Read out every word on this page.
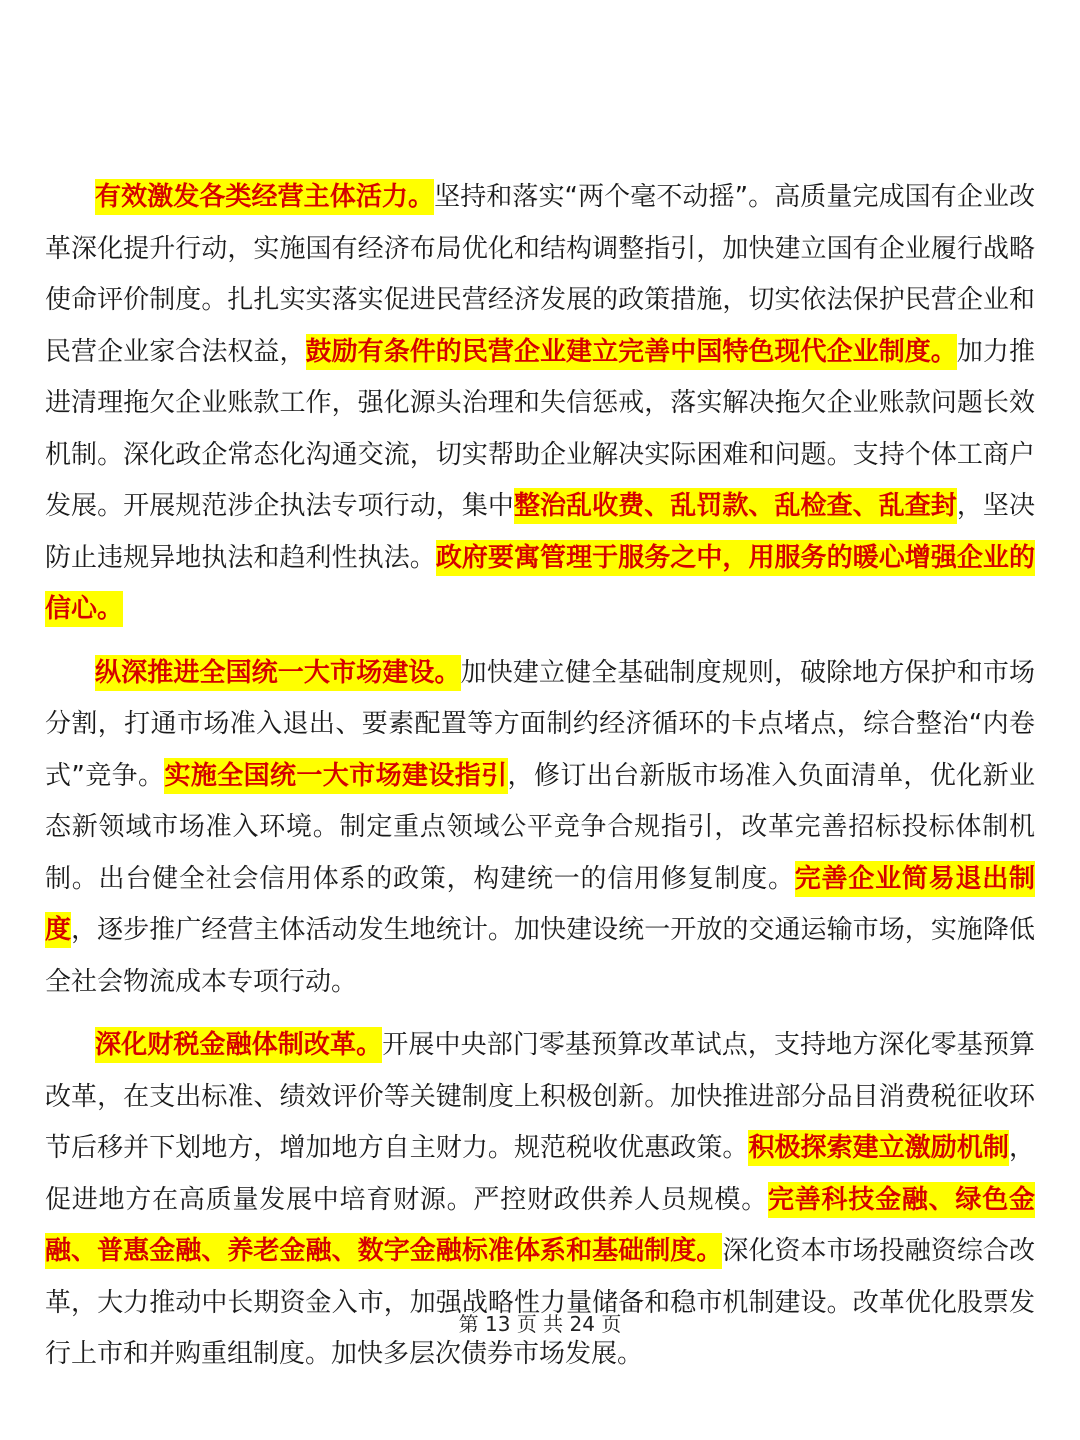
有效激发各类经营主体活力。坚持和落实“两个毫不动摇”。高质量完成国有企业改革深化提升行动，实施国有经济布局优化和结构调整指引，加快建立国有企业履行战略使命评价制度。扎扎实实落实促进民营经济发展的政策措施，切实依法保护民营企业和民营企业家合法权益，鼓励有条件的民营企业建立完善中国特色现代企业制度。加力推进清理拖欠企业账款工作，强化源头治理和失信惩戒，落实解决拖欠企业账款问题长效机制。深化政企常态化沟通交流，切实帮助企业解决实际困难和问题。支持个体工商户发展。开展规范涉企执法专项行动，集中整治乱收费、乱罚款、乱检查、乱查封，坚决防止违规异地执法和趋利性执法。政府要寓管理于服务之中，用服务的暖心增强企业的信心。

纵深推进全国统一大市场建设。加快建立健全基础制度规则，破除地方保护和市场分割，打通市场准入退出、要素配置等方面制约经济循环的卡点堵点，综合整治“内卷式”竞争。实施全国统一大市场建设指引，修订出台新版市场准入负面清单，优化新业态新领域市场准入环境。制定重点领域公平竞争合规指引，改革完善招标投标体制机制。出台健全社会信用体系的政策，构建统一的信用修复制度。完善企业简易退出制度，逐步推广经营主体活动发生地统计。加快建设统一开放的交通运输市场，实施降低全社会物流成本专项行动。

深化财税金融体制改革。开展中央部门零基预算改革试点，支持地方深化零基预算改革，在支出标准、绩效评价等关键制度上积极创新。加快推进部分品目消费税征收环节后移并下划地方，增加地方自主财力。规范税收优惠政策。积极探索建立激励机制，促进地方在高质量发展中培育财源。严控财政供养人员规模。完善科技金融、绿色金融、普惠金融、养老金融、数字金融标准体系和基础制度。深化资本市场投融资综合改革，大力推动中长期资金入市，加强战略性力量储备和稳市机制建设。改革优化股票发行上市和并购重组制度。加快多层次债券市场发展。

第 13 页 共 24 页
